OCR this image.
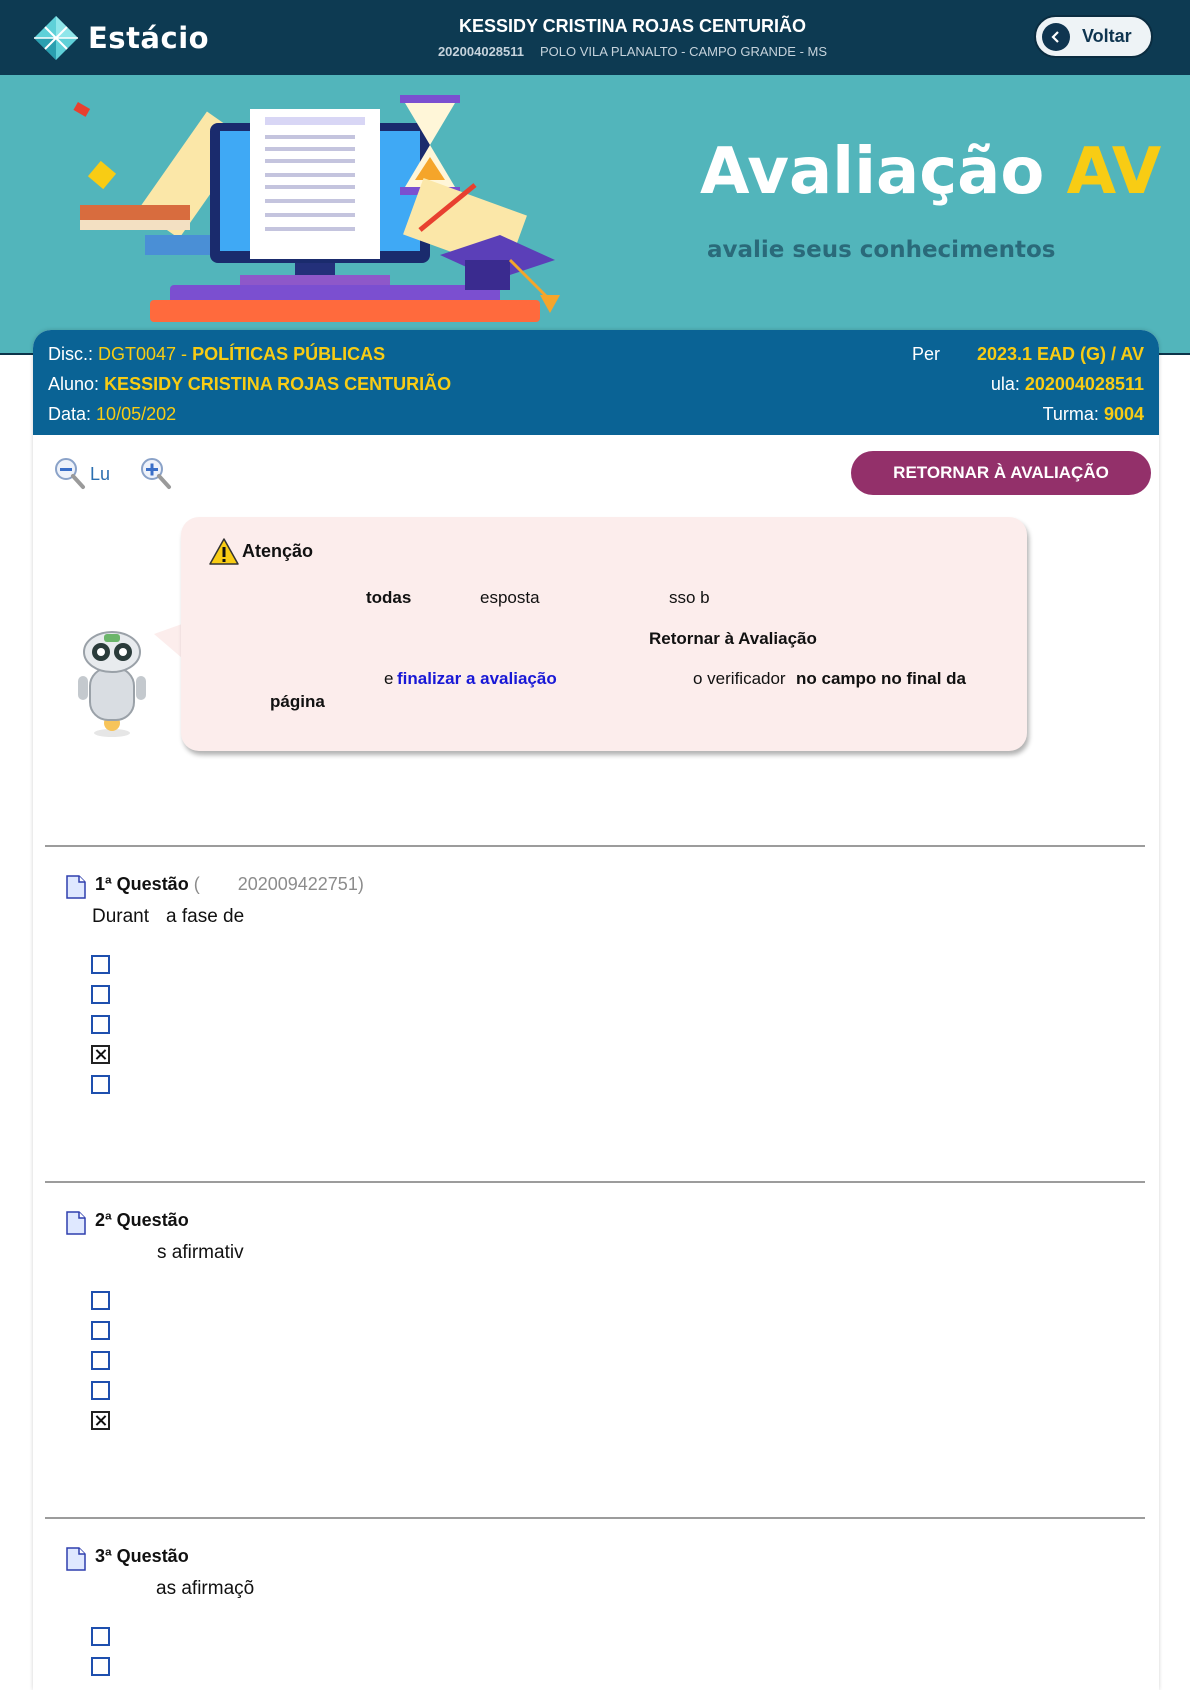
Estácio	KESSIDY CRISTINA ROJAS CENTURIÃO
202004028511 POLO VILA PLANALTO - CAMPO GRANDE - MS
Voltar
Avaliação AV
avalie seus conhecimentos
Disc.: DGT0047 - POLÍTICAS PÚBLICAS
Aluno: KESSIDY CRISTINA ROJAS CENTURIÃO
Data: 10/05/202
Per 2023.1 EAD (G) / AV
ula: 202004028511
Turma: 9004
Lu	RETORNAR À AVALIAÇÃO
Atenção
todas	esposta	sso b
Retornar à Avaliação
e finalizar a avaliação	o verificador no campo no final da
página
1ª Questão ( 202009422751)
Durant a fase de
2ª Questão
s afirmativ
3ª Questão
as afirmaçõ
